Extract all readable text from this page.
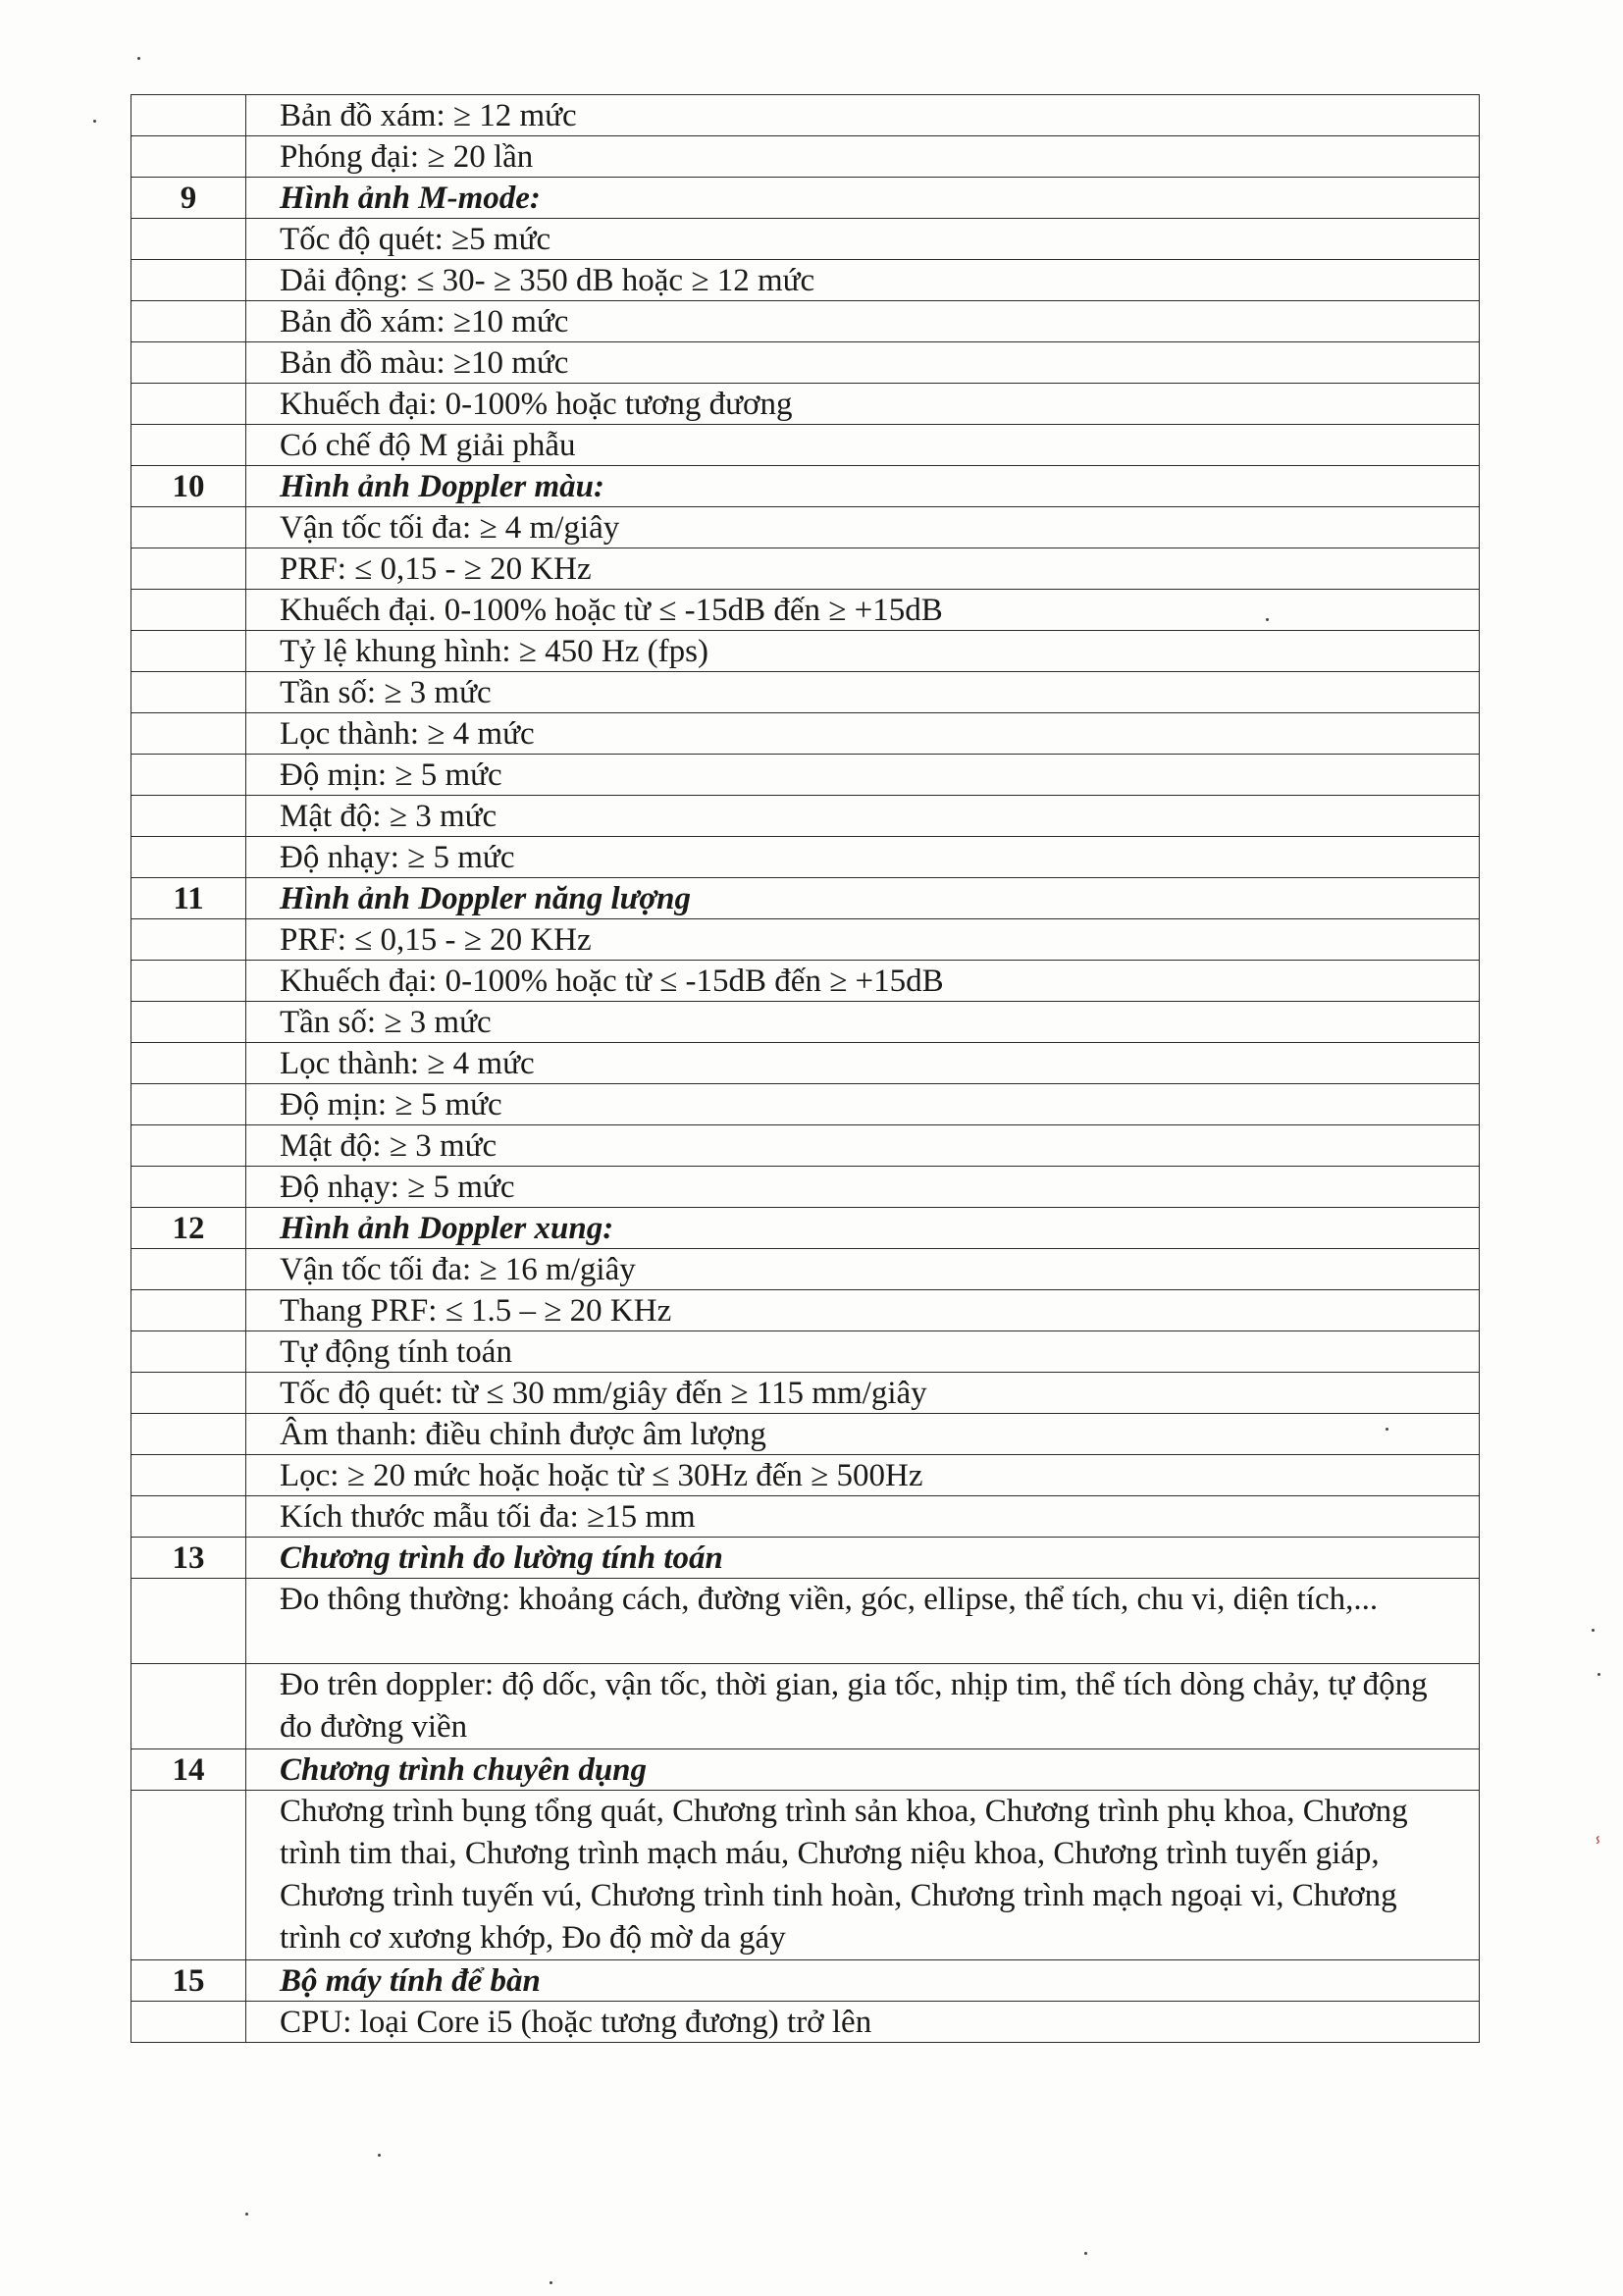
	Bản đồ xám: ≥ 12 mức
	Phóng đại: ≥ 20 lần
9	Hình ảnh M-mode:
	Tốc độ quét: ≥5 mức
	Dải động: ≤ 30- ≥ 350 dB hoặc ≥ 12 mức
	Bản đồ xám: ≥10 mức
	Bản đồ màu: ≥10 mức
	Khuếch đại: 0-100% hoặc tương đương
	Có chế độ M giải phẫu
10	Hình ảnh Doppler màu:
	Vận tốc tối đa: ≥ 4 m/giây
	PRF: ≤ 0,15 - ≥ 20 KHz
	Khuếch đại. 0-100% hoặc từ ≤ -15dB đến ≥ +15dB
	Tỷ lệ khung hình: ≥ 450 Hz (fps)
	Tần số: ≥ 3 mức
	Lọc thành: ≥ 4 mức
	Độ mịn: ≥ 5 mức
	Mật độ: ≥ 3 mức
	Độ nhạy: ≥ 5 mức
11	Hình ảnh Doppler năng lượng
	PRF: ≤ 0,15 - ≥ 20 KHz
	Khuếch đại: 0-100% hoặc từ ≤ -15dB đến ≥ +15dB
	Tần số: ≥ 3 mức
	Lọc thành: ≥ 4 mức
	Độ mịn: ≥ 5 mức
	Mật độ: ≥ 3 mức
	Độ nhạy: ≥ 5 mức
12	Hình ảnh Doppler xung:
	Vận tốc tối đa: ≥ 16 m/giây
	Thang PRF: ≤ 1.5 – ≥ 20 KHz
	Tự động tính toán
	Tốc độ quét: từ ≤ 30 mm/giây đến ≥ 115 mm/giây
	Âm thanh: điều chỉnh được âm lượng
	Lọc: ≥ 20 mức hoặc hoặc từ ≤ 30Hz đến ≥ 500Hz
	Kích thước mẫu tối đa: ≥15 mm
13	Chương trình đo lường tính toán
	Đo thông thường: khoảng cách, đường viền, góc, ellipse, thể tích, chu vi, diện tích,...
	Đo trên doppler: độ dốc, vận tốc, thời gian, gia tốc, nhịp tim, thể tích dòng chảy, tự động đo đường viền
14	Chương trình chuyên dụng
	Chương trình bụng tổng quát, Chương trình sản khoa, Chương trình phụ khoa, Chương trình tim thai, Chương trình mạch máu, Chương niệu khoa, Chương trình tuyến giáp, Chương trình tuyến vú, Chương trình tinh hoàn, Chương trình mạch ngoại vi, Chương trình cơ xương khớp, Đo độ mờ da gáy
15	Bộ máy tính để bàn
	CPU: loại Core i5 (hoặc tương đương) trở lên
ⸯ
